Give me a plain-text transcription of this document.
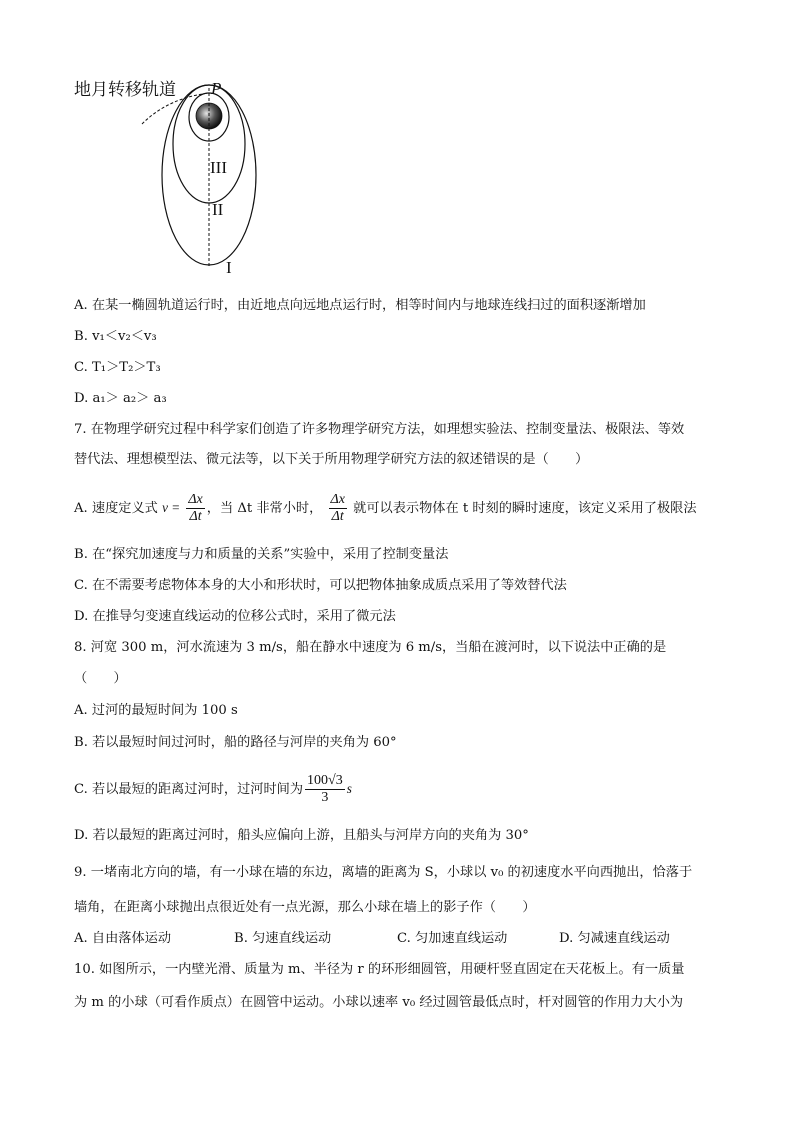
地月转移轨道 P
III
II
I
A. 在某一椭圆轨道运行时，由近地点向远地点运行时，相等时间内与地球连线扫过的面积逐渐增加
B. v₁＜v₂＜v₃
C. T₁＞T₂＞T₃
D. a₁＞ a₂＞ a₃
7. 在物理学研究过程中科学家们创造了许多物理学研究方法，如理想实验法、控制变量法、极限法、等效
替代法、理想模型法、微元法等，以下关于所用物理学研究方法的叙述错误的是（　　）
A. 速度定义式 $v = \frac{\Delta x}{\Delta t}$ ，当 Δt 非常小时， $\frac{\Delta x}{\Delta t}$ 就可以表示物体在 t 时刻的瞬时速度，该定义采用了极限法
B. 在“探究加速度与力和质量的关系”实验中，采用了控制变量法
C. 在不需要考虑物体本身的大小和形状时，可以把物体抽象成质点采用了等效替代法
D. 在推导匀变速直线运动的位移公式时，采用了微元法
8. 河宽 300 m，河水流速为 3 m/s，船在静水中速度为 6 m/s，当船在渡河时，以下说法中正确的是
（　　）
A. 过河的最短时间为 100 s
B. 若以最短时间过河时，船的路径与河岸的夹角为 60°
C. 若以最短的距离过河时，过河时间为 $\frac{100√3}{3}$ s
D. 若以最短的距离过河时，船头应偏向上游，且船头与河岸方向的夹角为 30°
9. 一堵南北方向的墙，有一小球在墙的东边，离墙的距离为 S，小球以 v₀ 的初速度水平向西抛出，恰落于
墙角，在距离小球抛出点很近处有一点光源，那么小球在墙上的影子作（　　）
A. 自由落体运动	B. 匀速直线运动	C. 匀加速直线运动	D. 匀减速直线运动
10. 如图所示，一内壁光滑、质量为 m、半径为 r 的环形细圆管，用硬杆竖直固定在天花板上。有一质量
为 m 的小球（可看作质点）在圆管中运动。小球以速率 v₀ 经过圆管最低点时，杆对圆管的作用力大小为
